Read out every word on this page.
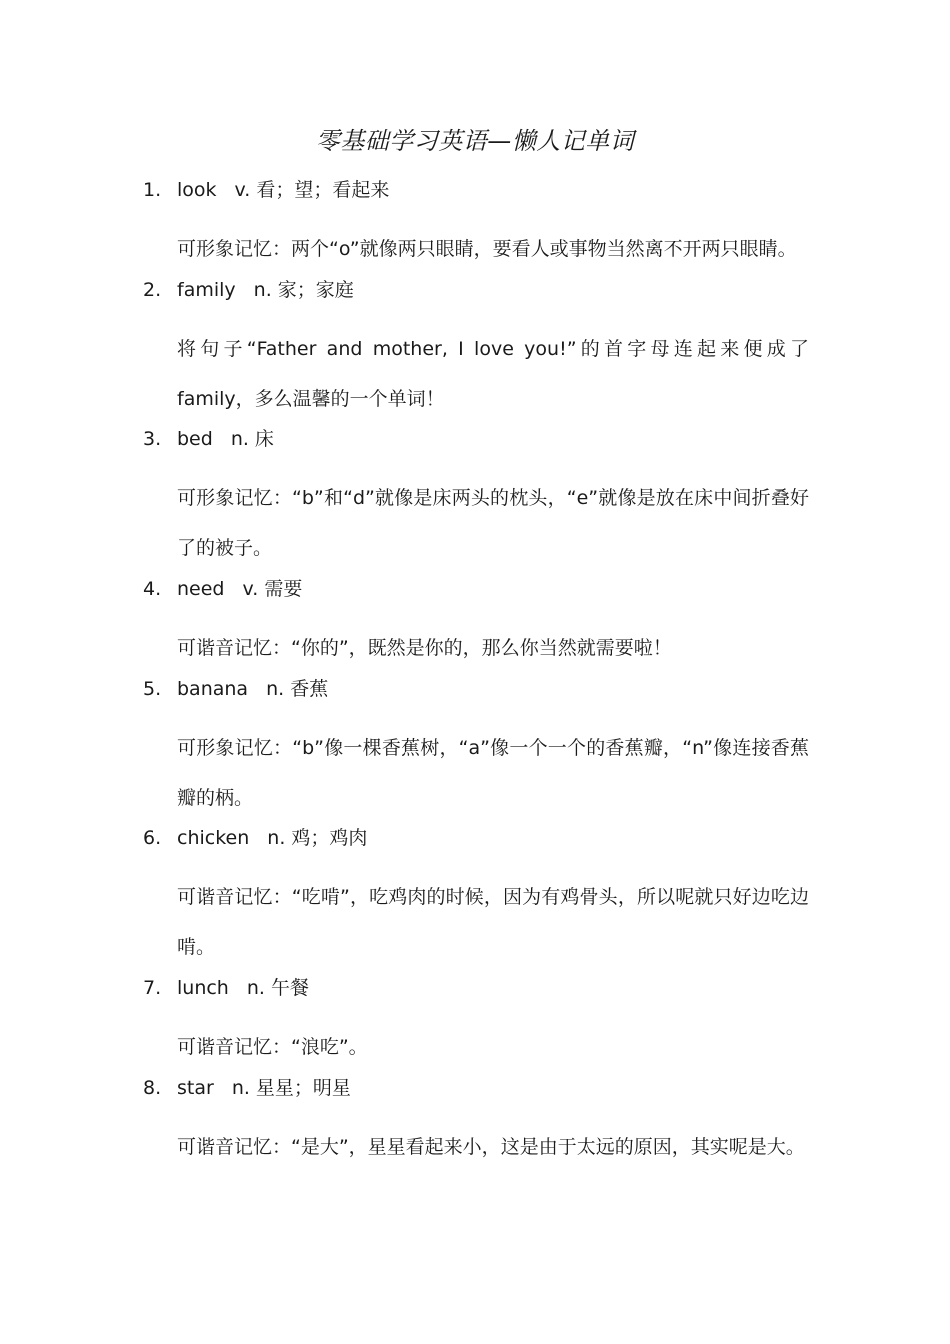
零基础学习英语—懒人记单词
1. look v. 看；望；看起来

可形象记忆：两个“o”就像两只眼睛，要看人或事物当然离不开两只眼睛。

2. family n. 家；家庭

将句子“Father and mother, I love you!”的首字母连起来便成了family，多么温馨的一个单词！

3. bed n. 床

可形象记忆：“b”和“d”就像是床两头的枕头，“e”就像是放在床中间折叠好了的被子。

4. need v. 需要

可谐音记忆：“你的”，既然是你的，那么你当然就需要啦！

5. banana n. 香蕉

可形象记忆：“b”像一棵香蕉树，“a”像一个一个的香蕉瓣，“n”像连接香蕉瓣的柄。

6. chicken n. 鸡；鸡肉

可谐音记忆：“吃啃”，吃鸡肉的时候，因为有鸡骨头，所以呢就只好边吃边啃。

7. lunch n. 午餐

可谐音记忆：“浪吃”。

8. star n. 星星；明星

可谐音记忆：“是大”，星星看起来小，这是由于太远的原因，其实呢是大。
